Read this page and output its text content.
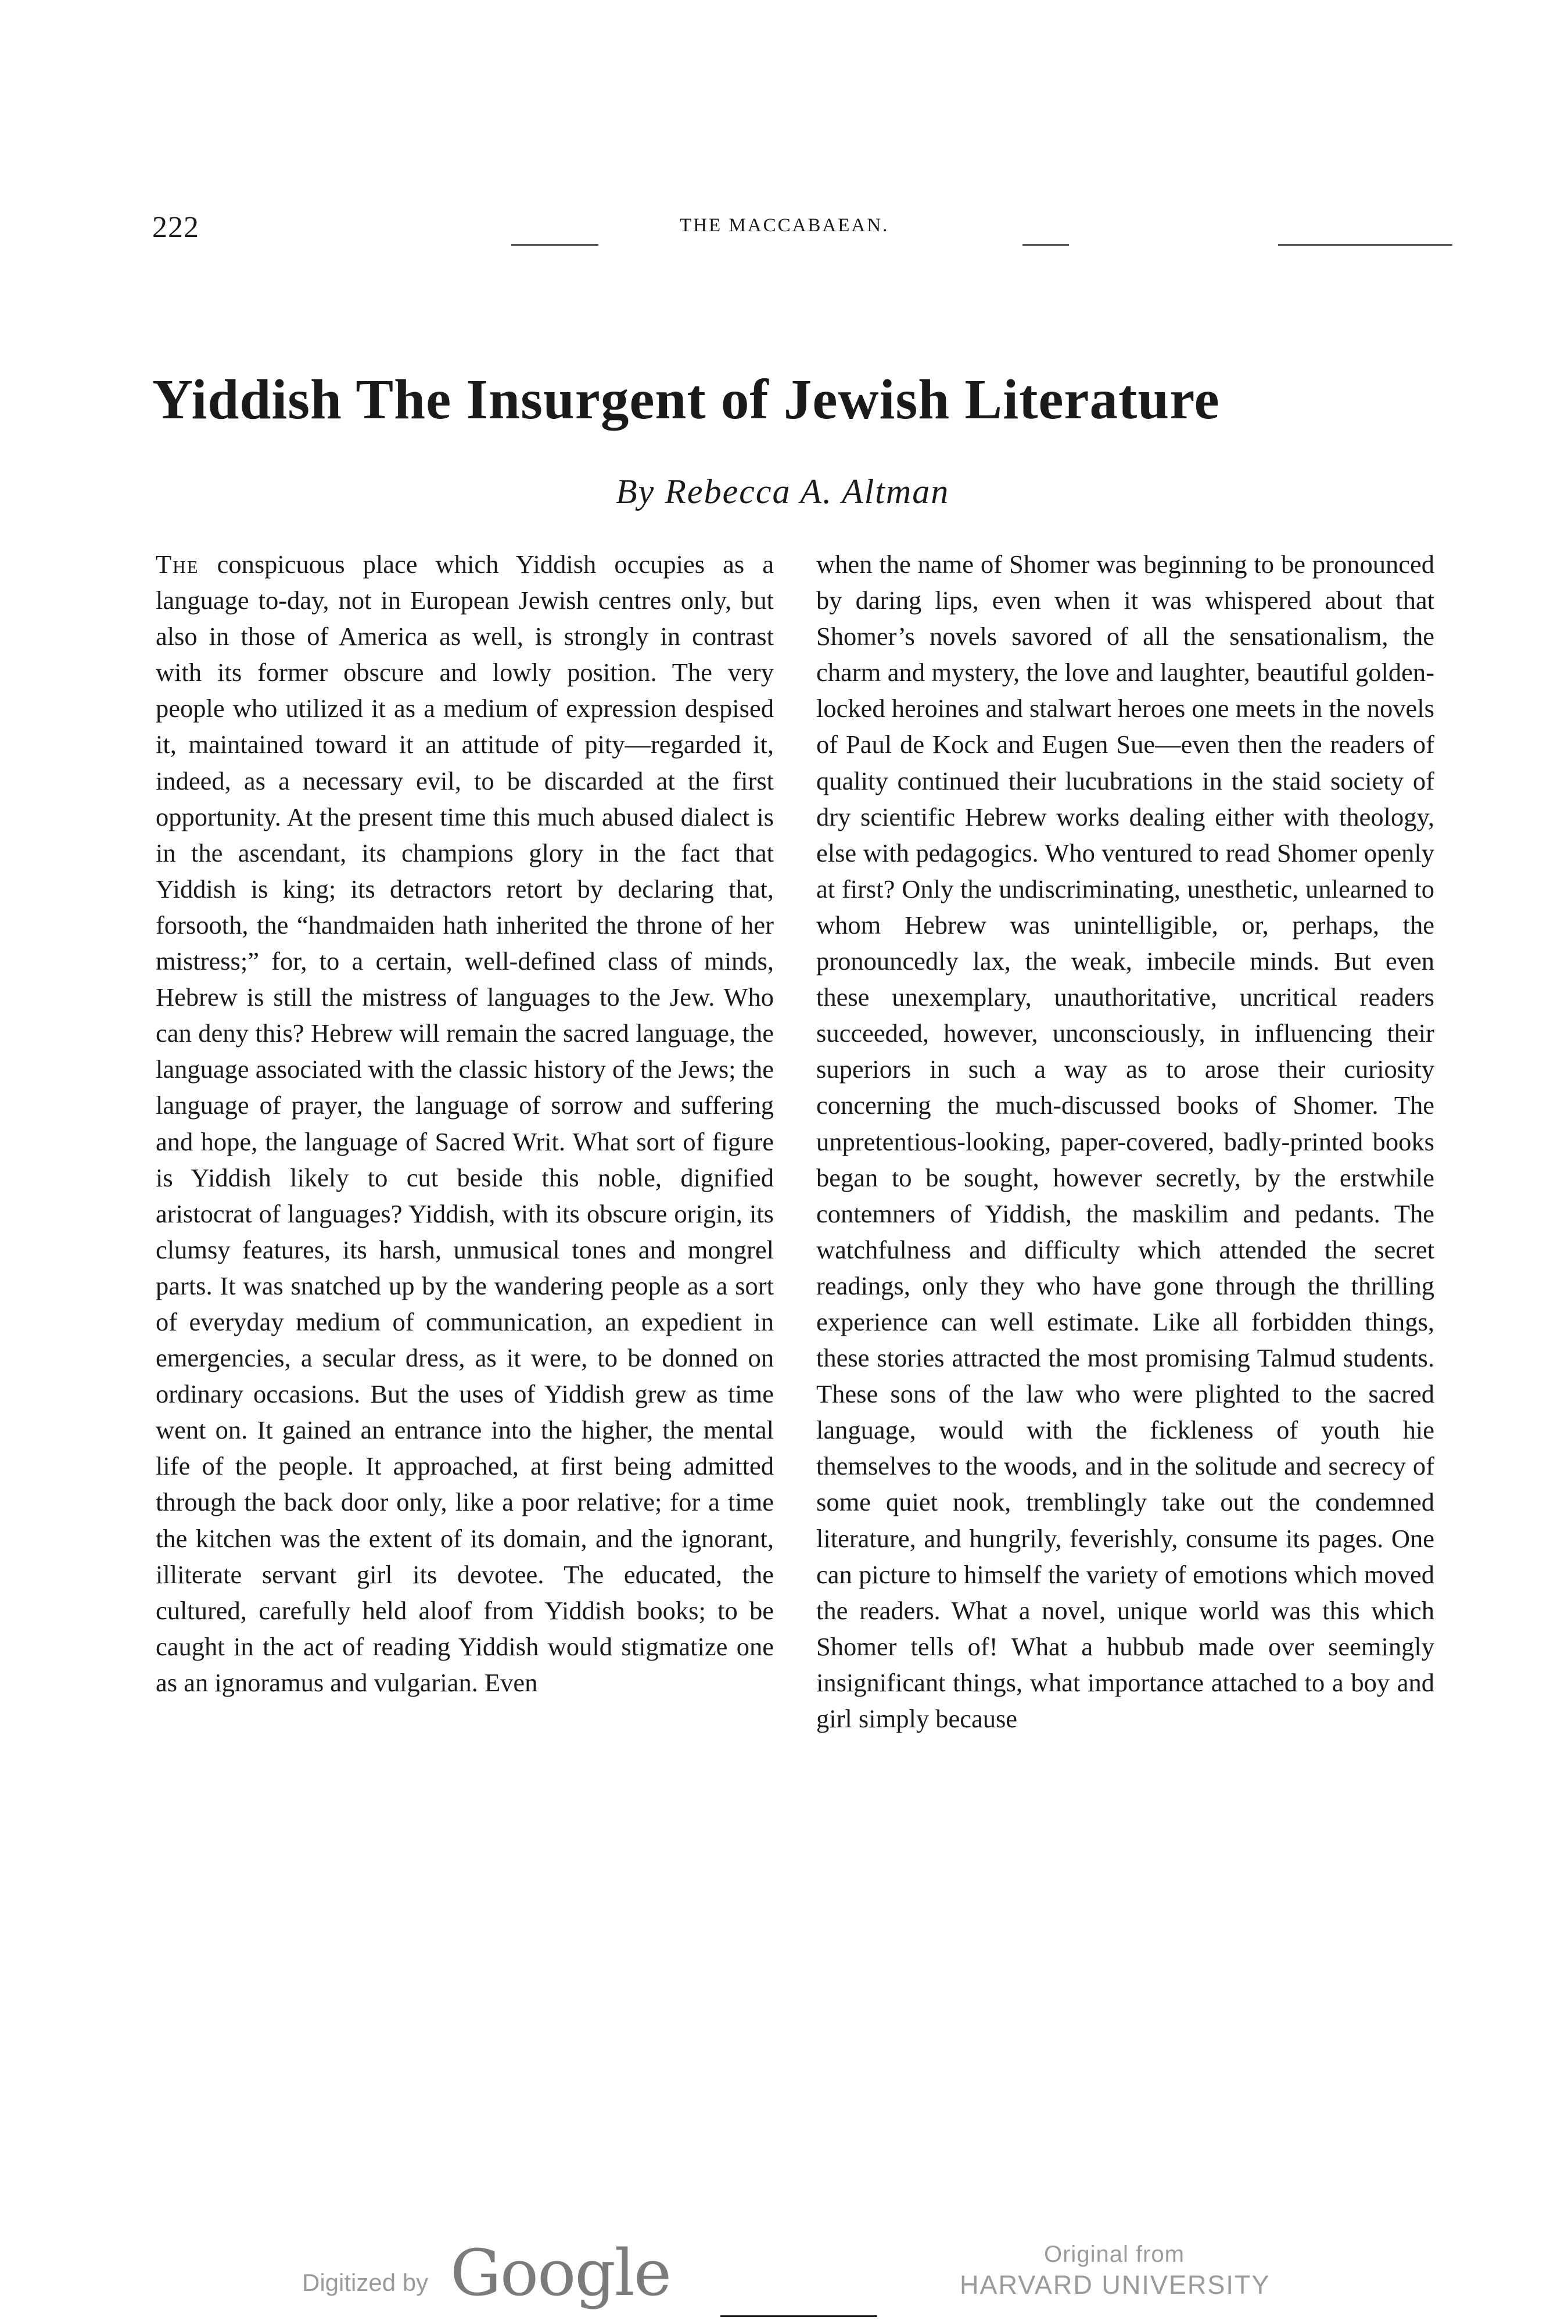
222	THE MACCABAEAN.
Yiddish The Insurgent of Jewish Literature
By Rebecca A. Altman

The conspicuous place which Yiddish occupies as a language to-day, not in European Jewish centres only, but also in those of America as well, is strongly in contrast with its former obscure and lowly position. The very people who utilized it as a medium of expression despised it, maintained toward it an attitude of pity—regarded it, indeed, as a necessary evil, to be discarded at the first opportunity. At the present time this much abused dialect is in the ascendant, its champions glory in the fact that Yiddish is king; its detractors retort by declaring that, forsooth, the “handmaiden hath inherited the throne of her mistress;” for, to a certain, well-defined class of minds, Hebrew is still the mistress of languages to the Jew. Who can deny this? Hebrew will remain the sacred language, the language associated with the classic history of the Jews; the language of prayer, the language of sorrow and suffering and hope, the language of Sacred Writ. What sort of figure is Yiddish likely to cut beside this noble, dignified aristocrat of languages? Yiddish, with its obscure origin, its clumsy features, its harsh, unmusical tones and mongrel parts. It was snatched up by the wandering people as a sort of everyday medium of communication, an expedient in emergencies, a secular dress, as it were, to be donned on ordinary occasions. But the uses of Yiddish grew as time went on. It gained an entrance into the higher, the mental life of the people. It approached, at first being admitted through the back door only, like a poor relative; for a time the kitchen was the extent of its domain, and the ignorant, illiterate servant girl its devotee. The educated, the cultured, carefully held aloof from Yiddish books; to be caught in the act of reading Yiddish would stigmatize one as an ignoramus and vulgarian. Even

when the name of Shomer was beginning to be pronounced by daring lips, even when it was whispered about that Shomer’s novels savored of all the sensationalism, the charm and mystery, the love and laughter, beautiful golden-locked heroines and stalwart heroes one meets in the novels of Paul de Kock and Eugen Sue—even then the readers of quality continued their lucubrations in the staid society of dry scientific Hebrew works dealing either with theology, else with pedagogics. Who ventured to read Shomer openly at first? Only the undiscriminating, unesthetic, unlearned to whom Hebrew was unintelligible, or, perhaps, the pronouncedly lax, the weak, imbecile minds. But even these unexemplary, unauthoritative, uncritical readers succeeded, however, unconsciously, in influencing their superiors in such a way as to arose their curiosity concerning the much-discussed books of Shomer. The unpretentious-looking, paper-covered, badly-printed books began to be sought, however secretly, by the erstwhile contemners of Yiddish, the maskilim and pedants. The watchfulness and difficulty which attended the secret readings, only they who have gone through the thrilling experience can well estimate. Like all forbidden things, these stories attracted the most promising Talmud students. These sons of the law who were plighted to the sacred language, would with the fickleness of youth hie themselves to the woods, and in the solitude and secrecy of some quiet nook, tremblingly take out the condemned literature, and hungrily, feverishly, consume its pages. One can picture to himself the variety of emotions which moved the readers. What a novel, unique world was this which Shomer tells of! What a hubbub made over seemingly insignificant things, what importance attached to a boy and girl simply because

Digitized by Google	Original from
HARVARD UNIVERSITY
